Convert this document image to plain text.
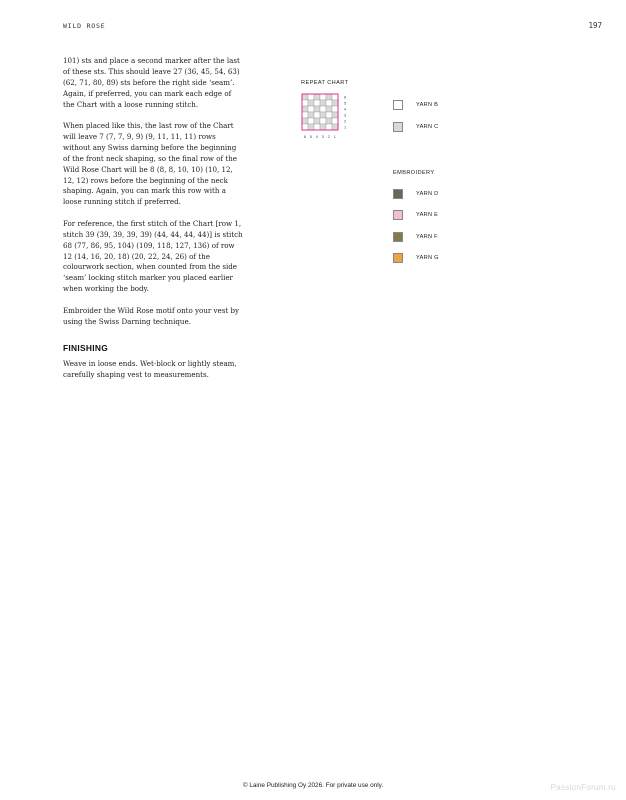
WILD ROSE	197

101) sts and place a second marker after the last of these sts. This should leave 27 (36, 45, 54, 63) (62, 71, 80, 89) sts before the right side ‘seam’. Again, if preferred, you can mark each edge of the Chart with a loose running stitch.

When placed like this, the last row of the Chart will leave 7 (7, 7, 9, 9) (9, 11, 11, 11) rows without any Swiss darning before the beginning of the front neck shaping, so the final row of the Wild Rose Chart will be 8 (8, 8, 10, 10) (10, 12, 12, 12) rows before the beginning of the neck shaping. Again, you can mark this row with a loose running stitch if preferred.

For reference, the first stitch of the Chart [row 1, stitch 39 (39, 39, 39, 39) (44, 44, 44, 44)] is stitch 68 (77, 86, 95, 104) (109, 118, 127, 136) of row 12 (14, 16, 20, 18) (20, 22, 24, 26) of the colourwork section, when counted from the side ‘seam’ locking stitch marker you placed earlier when working the body.

Embroider the Wild Rose motif onto your vest by using the Swiss Darning technique.

FINISHING

Weave in loose ends. Wet-block or lightly steam, carefully shaping vest to measurements.

REPEAT CHART
6
5
4
3
2
1
6 5 4 3 2 1
YARN B
YARN C
EMBROIDERY
YARN D
YARN E
YARN F
YARN G
© Laine Publishing Oy 2026. For private use only.	PassionForum.ru
